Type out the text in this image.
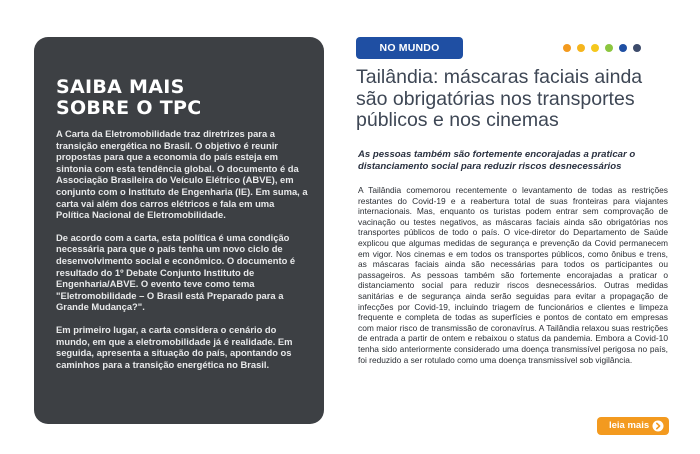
SAIBA MAIS
SOBRE O TPC

A Carta da Eletromobilidade traz diretrizes para a transição energética no Brasil. O objetivo é reunir propostas para que a economia do país esteja em sintonia com esta tendência global. O documento é da Associação Brasileira do Veículo Elétrico (ABVE), em conjunto com o Instituto de Engenharia (IE). Em suma, a carta vai além dos carros elétricos e fala em uma Política Nacional de Eletromobilidade.

De acordo com a carta, esta política é uma condição necessária para que o país tenha um novo ciclo de desenvolvimento social e econômico. O documento é resultado do 1º Debate Conjunto Instituto de Engenharia/ABVE. O evento teve como tema "Eletromobilidade – O Brasil está Preparado para a Grande Mudança?".

Em primeiro lugar, a carta considera o cenário do mundo, em que a eletromobilidade já é realidade. Em seguida, apresenta a situação do país, apontando os caminhos para a transição energética no Brasil.

NO MUNDO
Tailândia: máscaras faciais ainda são obrigatórias nos transportes públicos e nos cinemas

As pessoas também são fortemente encorajadas a praticar o distanciamento social para reduzir riscos desnecessários

A Tailândia comemorou recentemente o levantamento de todas as restrições restantes do Covid-19 e a reabertura total de suas fronteiras para viajantes internacionais. Mas, enquanto os turistas podem entrar sem comprovação de vacinação ou testes negativos, as máscaras faciais ainda são obrigatórias nos transportes públicos de todo o país. O vice-diretor do Departamento de Saúde explicou que algumas medidas de segurança e prevenção da Covid permanecem em vigor. Nos cinemas e em todos os transportes públicos, como ônibus e trens, as máscaras faciais ainda são necessárias para todos os participantes ou passageiros. As pessoas também são fortemente encorajadas a praticar o distanciamento social para reduzir riscos desnecessários. Outras medidas sanitárias e de segurança ainda serão seguidas para evitar a propagação de infecções por Covid-19, incluindo triagem de funcionários e clientes e limpeza frequente e completa de todas as superfícies e pontos de contato em empresas com maior risco de transmissão de coronavírus. A Tailândia relaxou suas restrições de entrada a partir de ontem e rebaixou o status da pandemia. Embora a Covid-10 tenha sido anteriormente considerado uma doença transmissível perigosa no país, foi reduzido a ser rotulado como uma doença transmissível sob vigilância.

leia mais
